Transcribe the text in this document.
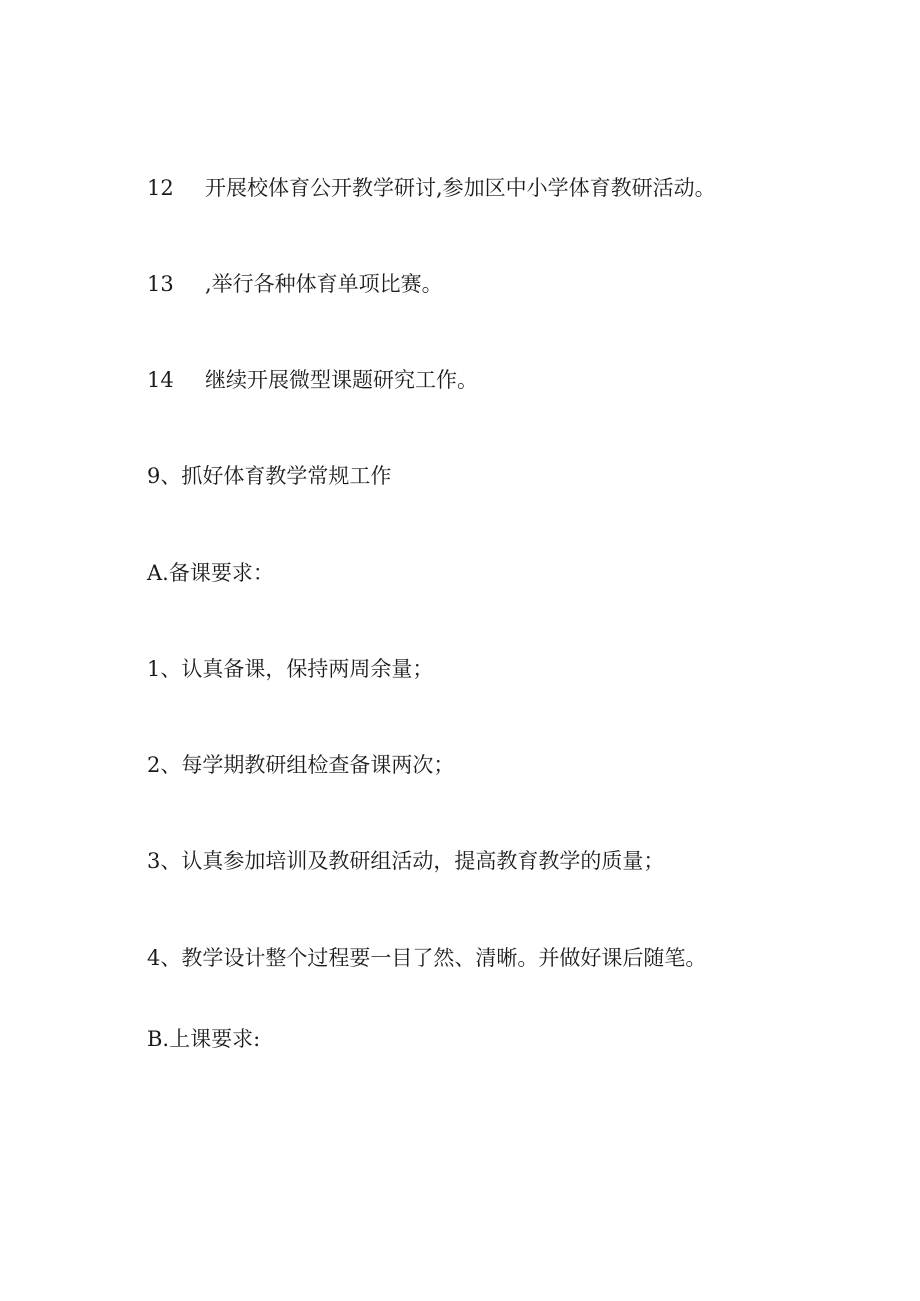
12 开展校体育公开教学研讨,参加区中小学体育教研活动。
13 ,举行各种体育单项比赛。
14 继续开展微型课题研究工作。
9、抓好体育教学常规工作
A.备课要求：
1、认真备课，保持两周余量；
2、每学期教研组检查备课两次；
3、认真参加培训及教研组活动，提高教育教学的质量；
4、教学设计整个过程要一目了然、清晰。并做好课后随笔。
B.上课要求:
